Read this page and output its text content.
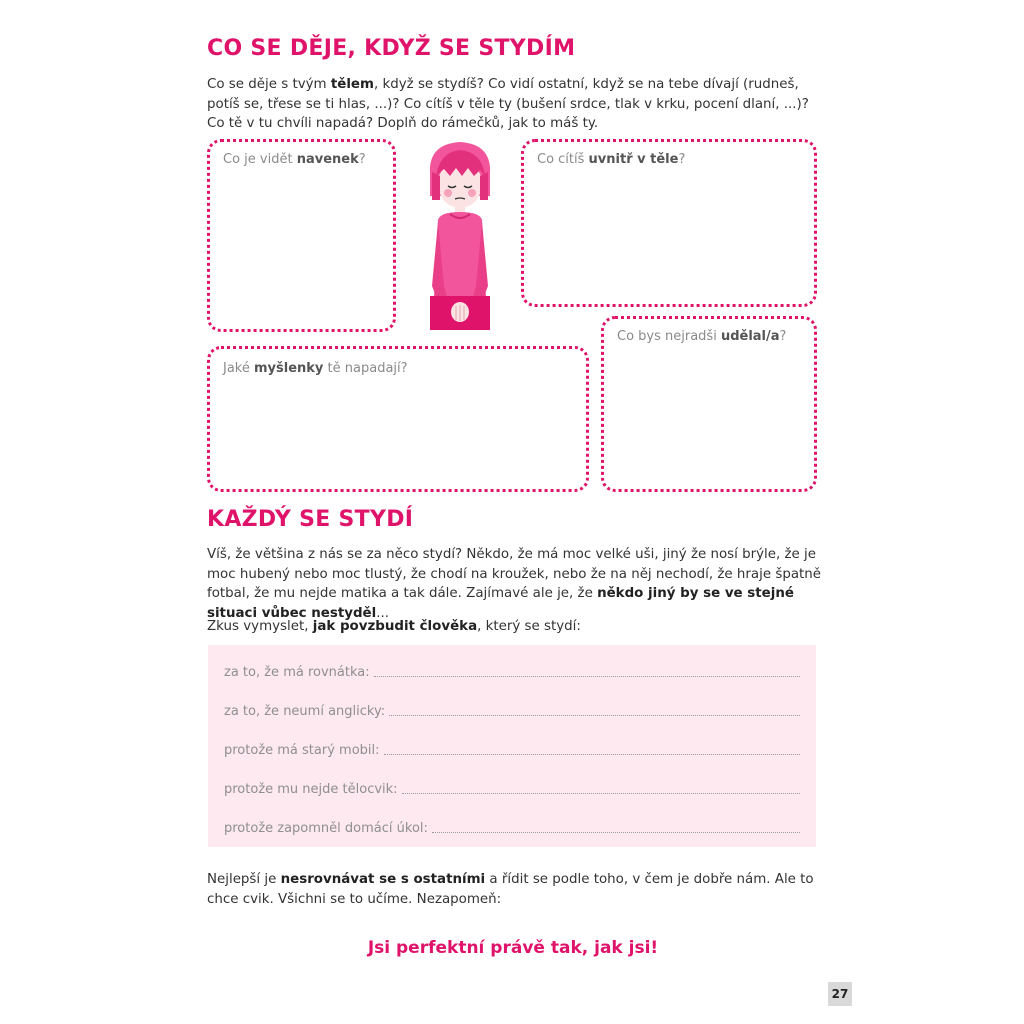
CO SE DĚJE, KDYŽ SE STYDÍM
Co se děje s tvým tělem, když se stydíš? Co vidí ostatní, když se na tebe dívají (rudneš, potíš se, třese se ti hlas, ...)? Co cítíš v těle ty (bušení srdce, tlak v krku, pocení dlaní, ...)? Co tě v tu chvíli napadá? Doplň do rámečků, jak to máš ty.
Co je vidět navenek?	Co cítíš uvnitř v těle?
Jaké myšlenky tě napadají?
Co bys nejradši udělal/a?
KAŽDÝ SE STYDÍ
Víš, že většina z nás se za něco stydí? Někdo, že má moc velké uši, jiný že nosí brýle, že je moc hubený nebo moc tlustý, že chodí na kroužek, nebo že na něj nechodí, že hraje špatně fotbal, že mu nejde matika a tak dále. Zajímavé ale je, že někdo jiný by se ve stejné situaci vůbec nestyděl...
Zkus vymyslet, jak povzbudit člověka, který se stydí:
za to, že má rovnátka:
za to, že neumí anglicky:
protože má starý mobil:
protože mu nejde tělocvik:
protože zapomněl domácí úkol:
Nejlepší je nesrovnávat se s ostatními a řídit se podle toho, v čem je dobře nám. Ale to chce cvik. Všichni se to učíme. Nezapomeň:
Jsi perfektní právě tak, jak jsi!
27
